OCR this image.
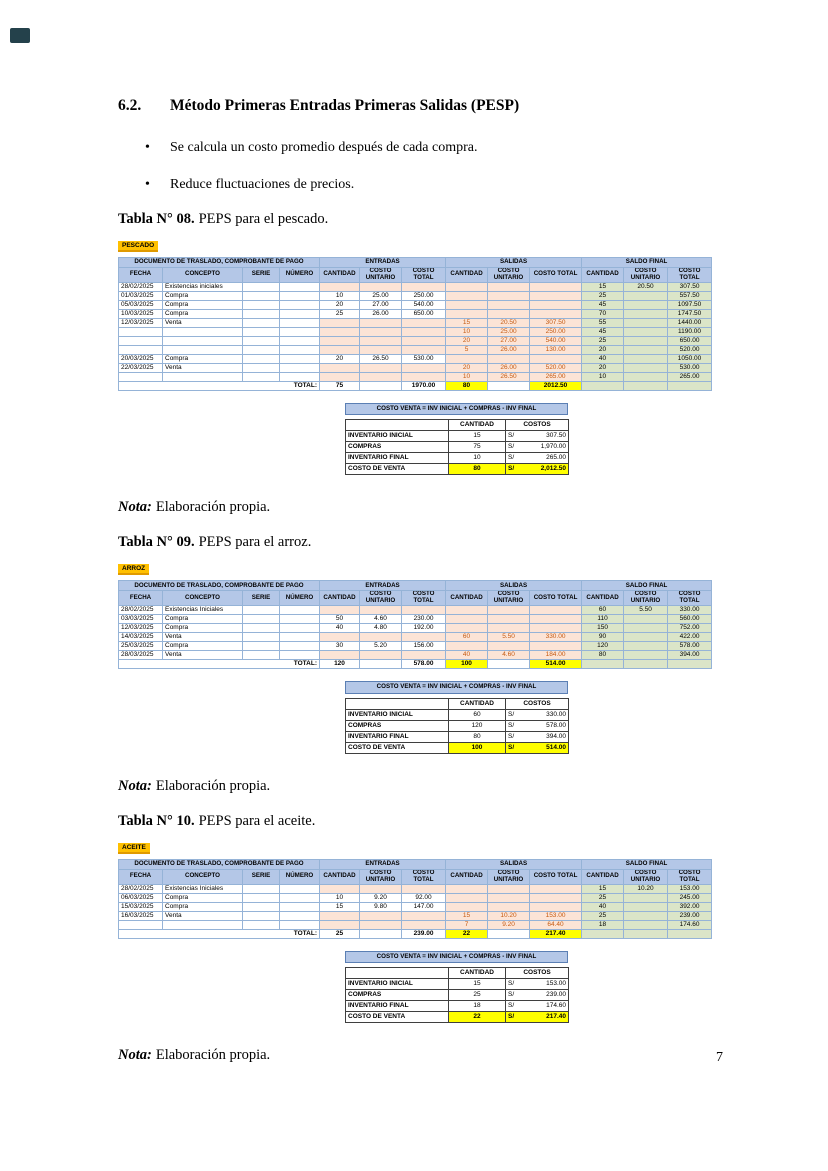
6.2.	Método Primeras Entradas Primeras Salidas (PESP)
• Se calcula un costo promedio después de cada compra.
• Reduce fluctuaciones de precios.

Tabla N° 08. PEPS para el pescado.

PESCADO
DOCUMENTO DE TRASLADO, COMPROBANTE DE PAGO				ENTRADAS			SALIDAS			SALDO FINAL		
FECHA	CONCEPTO	SERIE	NÚMERO	CANTIDAD	COSTO UNITARIO	COSTO TOTAL	CANTIDAD	COSTO UNITARIO	COSTO TOTAL	CANTIDAD	COSTO UNITARIO	COSTO TOTAL
28/02/2025	Existencias iniciales									15	20.50	307.50
01/03/2025	Compra			10	25.00	250.00				25		557.50
05/03/2025	Compra			20	27.00	540.00				45		1097.50
10/03/2025	Compra			25	26.00	650.00				70		1747.50
12/03/2025	Venta						15	20.50	307.50	55		1440.00
							10	25.00	250.00	45		1190.00
							20	27.00	540.00	25		650.00
							5	26.00	130.00	20		520.00
20/03/2025	Compra			20	26.50	530.00				40		1050.00
22/03/2025	Venta						20	26.00	520.00	20		530.00
							10	26.50	265.00	10		265.00
TOTAL:				75		1970.00	80		2012.50			
COSTO VENTA = INV INICIAL + COMPRAS - INV FINAL
	CANTIDAD	COSTOS
INVENTARIO INICIAL	15	S/ 307.50

COMPRAS	75	S/ 1,970.00

INVENTARIO FINAL	10	S/ 265.00

COSTO DE VENTA	80	S/ 2,012.50

Nota: Elaboración propia.

Tabla N° 09. PEPS para el arroz.

ARROZ
DOCUMENTO DE TRASLADO, COMPROBANTE DE PAGO				ENTRADAS			SALIDAS			SALDO FINAL		
FECHA	CONCEPTO	SERIE	NÚMERO	CANTIDAD	COSTO UNITARIO	COSTO TOTAL	CANTIDAD	COSTO UNITARIO	COSTO TOTAL	CANTIDAD	COSTO UNITARIO	COSTO TOTAL
28/02/2025	Existencias Iniciales									60	5.50	330.00
03/03/2025	Compra			50	4.60	230.00				110		560.00
12/03/2025	Compra			40	4.80	192.00				150		752.00
14/03/2025	Venta						60	5.50	330.00	90		422.00
25/03/2025	Compra			30	5.20	156.00				120		578.00
28/03/2025	Venta						40	4.60	184.00	80		394.00
TOTAL:				120		578.00	100		514.00			
COSTO VENTA = INV INICIAL + COMPRAS - INV FINAL
	CANTIDAD	COSTOS
INVENTARIO INICIAL	60	S/ 330.00

COMPRAS	120	S/ 578.00

INVENTARIO FINAL	80	S/ 394.00

COSTO DE VENTA	100	S/ 514.00

Nota: Elaboración propia.

Tabla N° 10. PEPS para el aceite.

ACEITE
DOCUMENTO DE TRASLADO, COMPROBANTE DE PAGO				ENTRADAS			SALIDAS			SALDO FINAL		
FECHA	CONCEPTO	SERIE	NÚMERO	CANTIDAD	COSTO UNITARIO	COSTO TOTAL	CANTIDAD	COSTO UNITARIO	COSTO TOTAL	CANTIDAD	COSTO UNITARIO	COSTO TOTAL
28/02/2025	Existencias Iniciales									15	10.20	153.00
06/03/2025	Compra			10	9.20	92.00				25		245.00
15/03/2025	Compra			15	9.80	147.00				40		392.00
16/03/2025	Venta						15	10.20	153.00	25		239.00
							7	9.20	64.40	18		174.60
TOTAL:				25		239.00	22		217.40			
COSTO VENTA = INV INICIAL + COMPRAS - INV FINAL
	CANTIDAD	COSTOS
INVENTARIO INICIAL	15	S/ 153.00

COMPRAS	25	S/ 239.00

INVENTARIO FINAL	18	S/ 174.60

COSTO DE VENTA	22	S/ 217.40

Nota: Elaboración propia.	7
